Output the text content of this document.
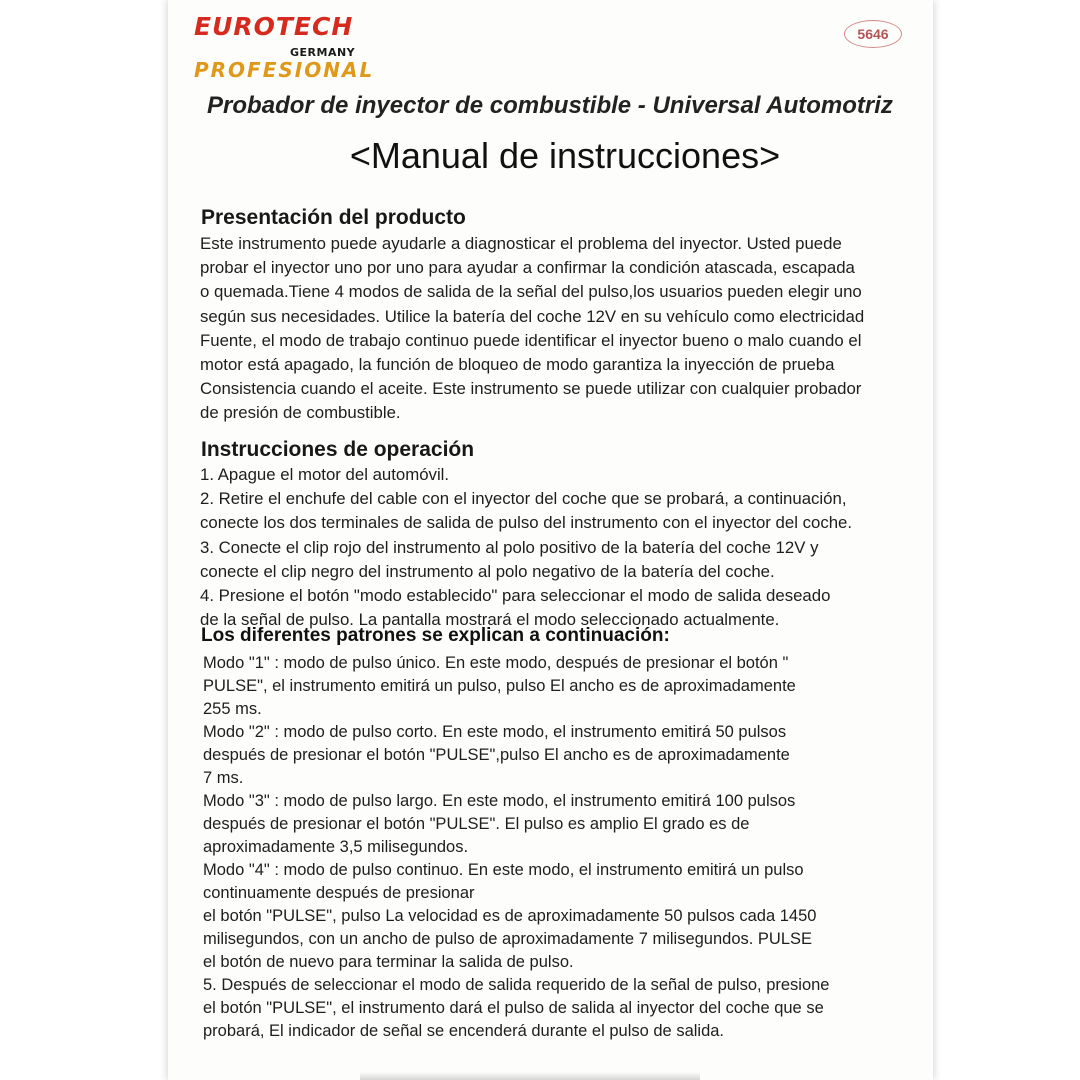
EUROTECH
GERMANY
PROFESIONAL
5646
Probador de inyector de combustible - Universal Automotriz
<Manual de instrucciones>
Presentación del producto
Este instrumento puede ayudarle a diagnosticar el problema del inyector. Usted puede
probar el inyector uno por uno para ayudar a confirmar la condición atascada, escapada
o quemada.Tiene 4 modos de salida de la señal del pulso,los usuarios pueden elegir uno
según sus necesidades. Utilice la batería del coche 12V en su vehículo como electricidad
Fuente, el modo de trabajo continuo puede identificar el inyector bueno o malo cuando el
motor está apagado, la función de bloqueo de modo garantiza la inyección de prueba
Consistencia cuando el aceite. Este instrumento se puede utilizar con cualquier probador
de presión de combustible.
Instrucciones de operación
1. Apague el motor del automóvil.
2. Retire el enchufe del cable con el inyector del coche que se probará, a continuación,
conecte los dos terminales de salida de pulso del instrumento con el inyector del coche.
3. Conecte el clip rojo del instrumento al polo positivo de la batería del coche 12V y
conecte el clip negro del instrumento al polo negativo de la batería del coche.
4. Presione el botón "modo establecido" para seleccionar el modo de salida deseado
de la señal de pulso. La pantalla mostrará el modo seleccionado actualmente.
Los diferentes patrones se explican a continuación:
Modo "1" : modo de pulso único. En este modo, después de presionar el botón "
PULSE", el instrumento emitirá un pulso, pulso El ancho es de aproximadamente
255 ms.
Modo "2" : modo de pulso corto. En este modo, el instrumento emitirá 50 pulsos
después de presionar el botón "PULSE",pulso El ancho es de aproximadamente
7 ms.
Modo "3" : modo de pulso largo. En este modo, el instrumento emitirá 100 pulsos
después de presionar el botón "PULSE". El pulso es amplio El grado es de
aproximadamente 3,5 milisegundos.
Modo "4" : modo de pulso continuo. En este modo, el instrumento emitirá un pulso
continuamente después de presionar
el botón "PULSE", pulso La velocidad es de aproximadamente 50 pulsos cada 1450
milisegundos, con un ancho de pulso de aproximadamente 7 milisegundos. PULSE
el botón de nuevo para terminar la salida de pulso.
5. Después de seleccionar el modo de salida requerido de la señal de pulso, presione
el botón "PULSE", el instrumento dará el pulso de salida al inyector del coche que se
probará, El indicador de señal se encenderá durante el pulso de salida.
